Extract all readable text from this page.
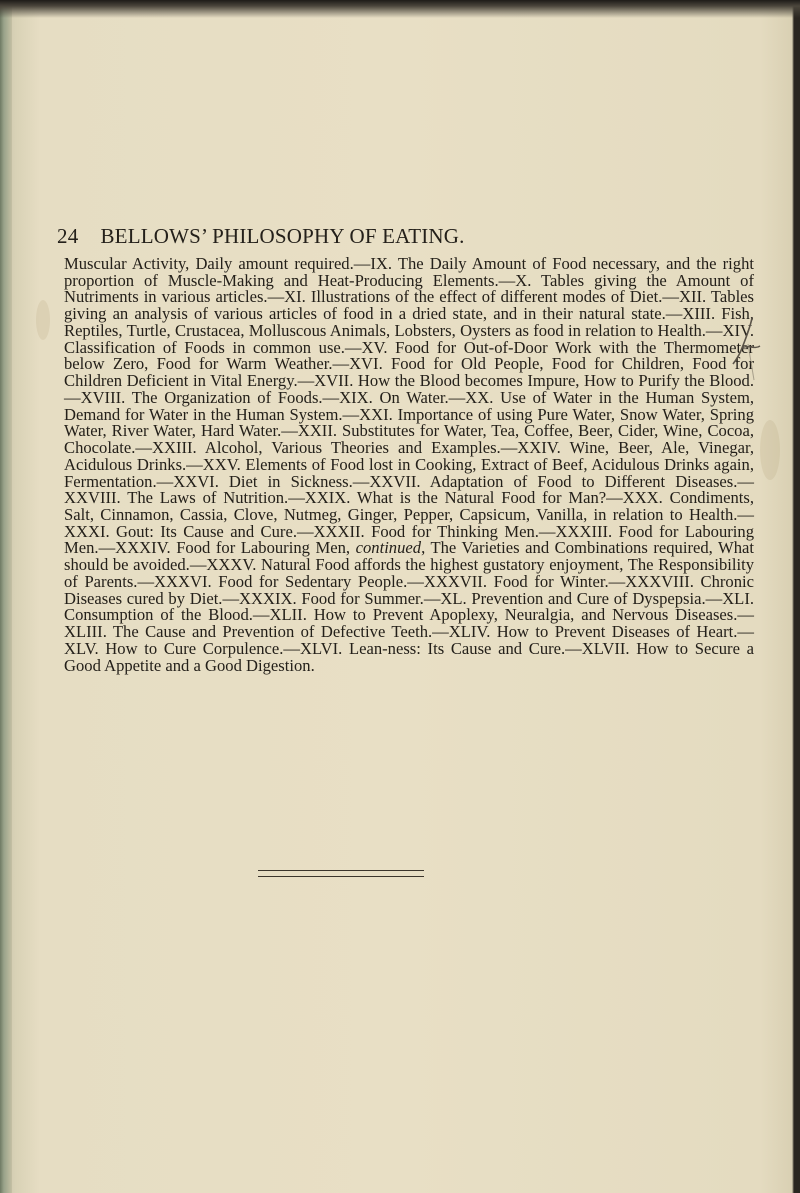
24 BELLOWS’ PHILOSOPHY OF EATING.

Muscular Activity, Daily amount required.—IX. The Daily Amount of Food necessary, and the right proportion of Muscle-Making and Heat-Producing Elements.—X. Tables giving the Amount of Nutriments in various articles.—XI. Illustrations of the effect of different modes of Diet.—XII. Tables giving an analysis of various articles of food in a dried state, and in their natural state.—XIII. Fish, Reptiles, Turtle, Crustacea, Molluscous Animals, Lobsters, Oysters as food in relation to Health.—XIV. Classification of Foods in common use.—XV. Food for Out-of-Door Work with the Thermometer below Zero, Food for Warm Weather.—XVI. Food for Old People, Food for Children, Food for Children Deficient in Vital Energy.—XVII. How the Blood becomes Impure, How to Purify the Blood.—XVIII. The Organization of Foods.—XIX. On Water.—XX. Use of Water in the Human System, Demand for Water in the Human System.—XXI. Importance of using Pure Water, Snow Water, Spring Water, River Water, Hard Water.—XXII. Substitutes for Water, Tea, Coffee, Beer, Cider, Wine, Cocoa, Chocolate.—XXIII. Alcohol, Various Theories and Examples.—XXIV. Wine, Beer, Ale, Vinegar, Acidulous Drinks.—XXV. Elements of Food lost in Cooking, Extract of Beef, Acidulous Drinks again, Fermentation.—XXVI. Diet in Sickness.—XXVII. Adaptation of Food to Different Diseases.—XXVIII. The Laws of Nutrition.—XXIX. What is the Natural Food for Man?—XXX. Condiments, Salt, Cinnamon, Cassia, Clove, Nutmeg, Ginger, Pepper, Capsicum, Vanilla, in relation to Health.—XXXI. Gout: Its Cause and Cure.—XXXII. Food for Thinking Men.—XXXIII. Food for Labouring Men.—XXXIV. Food for Labouring Men, continued, The Varieties and Combinations required, What should be avoided.—XXXV. Natural Food affords the highest gustatory enjoyment, The Responsibility of Parents.—XXXVI. Food for Sedentary People.—XXXVII. Food for Winter.—XXXVIII. Chronic Diseases cured by Diet.—XXXIX. Food for Summer.—XL. Prevention and Cure of Dyspepsia.—XLI. Consumption of the Blood.—XLII. How to Prevent Apoplexy, Neuralgia, and Nervous Diseases.—XLIII. The Cause and Prevention of Defective Teeth.—XLIV. How to Prevent Diseases of Heart.—XLV. How to Cure Corpulence.—XLVI. Lean-ness: Its Cause and Cure.—XLVII. How to Secure a Good Appetite and a Good Digestion.
